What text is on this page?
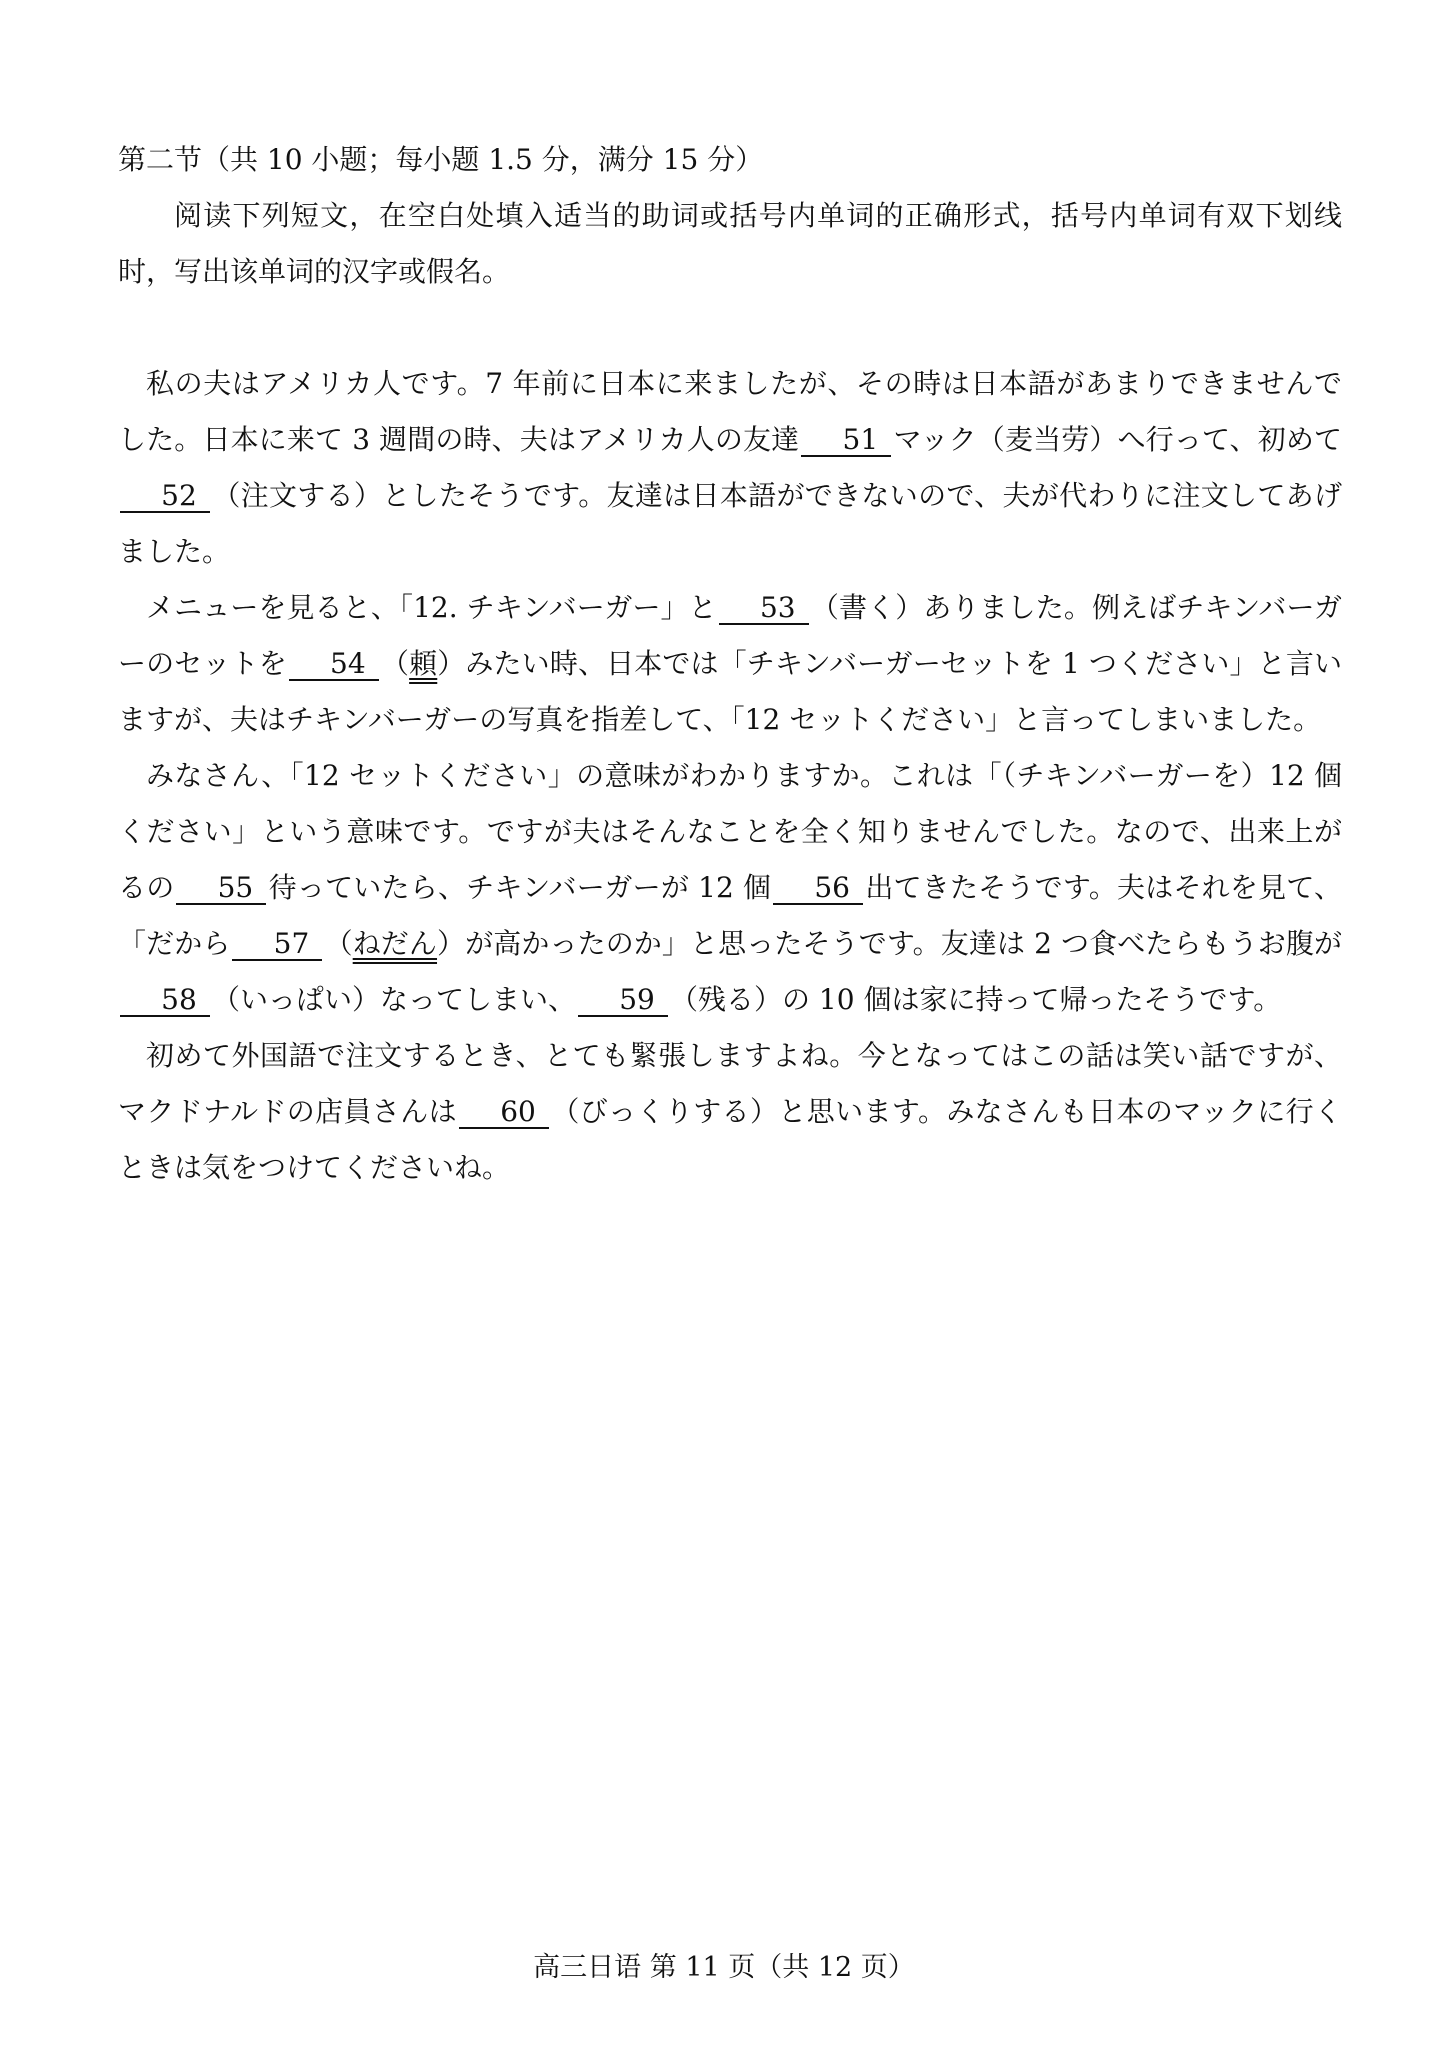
第二节（共 10 小题；每小题 1.5 分，满分 15 分）

阅读下列短文，在空白处填入适当的助词或括号内单词的正确形式，括号内单词有双下划线时，写出该单词的汉字或假名。

私の夫はアメリカ人です。7 年前に日本に来ましたが、その時は日本語があまりできませんでした。日本に来て 3 週間の時、夫はアメリカ人の友達 51 マック（麦当劳）へ行って、初めて52 （注文する）としたそうです。友達は日本語ができないので、夫が代わりに注文してあげました。

メニューを見ると、「12. チキンバーガー」と 53 （書く）ありました。例えばチキンバーガーのセットを 54 （頼）みたい時、日本では「チキンバーガーセットを 1 つください」と言いますが、夫はチキンバーガーの写真を指差して、「12 セットください」と言ってしまいました。

みなさん、「12 セットください」の意味がわかりますか。これは「（チキンバーガーを）12 個ください」という意味です。ですが夫はそんなことを全く知りませんでした。なので、出来上がるの 55 待っていたら、チキンバーガーが 12 個 56 出てきたそうです。夫はそれを見て、「だから 57 （ねだん）が高かったのか」と思ったそうです。友達は 2 つ食べたらもうお腹が58 （いっぱい）なってしまい、 59 （残る）の 10 個は家に持って帰ったそうです。

初めて外国語で注文するとき、とても緊張しますよね。今となってはこの話は笑い話ですが、マクドナルドの店員さんは 60 （びっくりする）と思います。みなさんも日本のマックに行くときは気をつけてくださいね。

高三日语 第 11 页（共 12 页）
